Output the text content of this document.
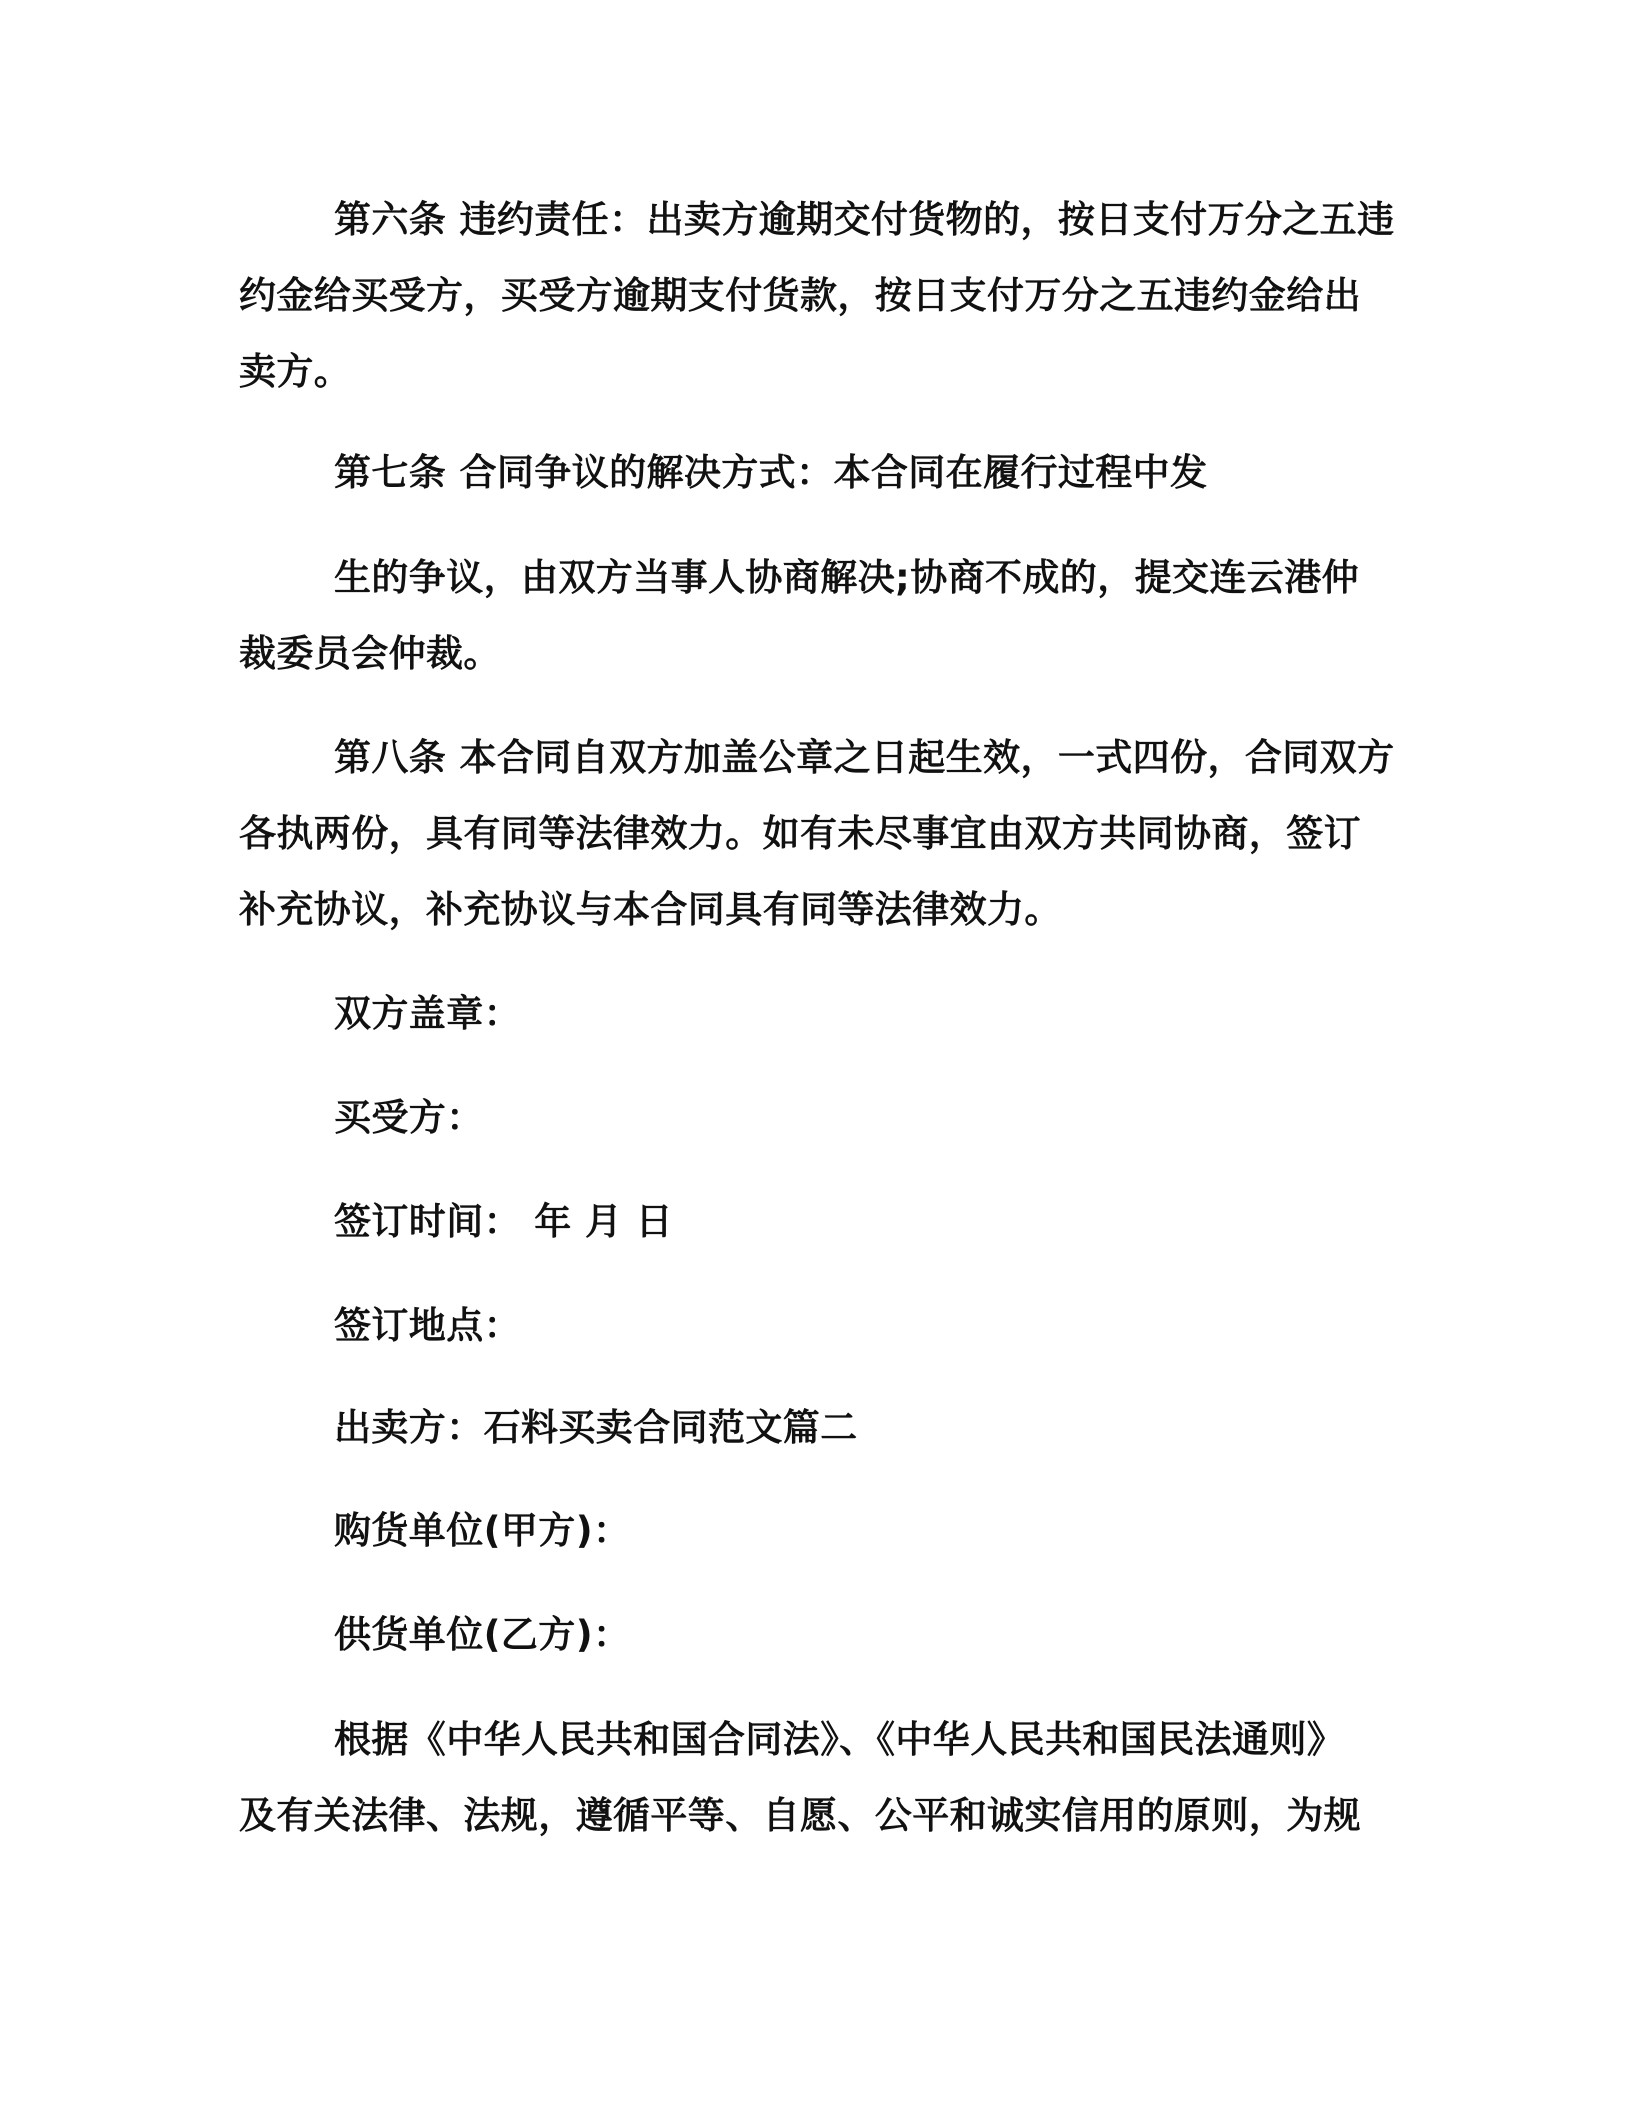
第六条 违约责任：出卖方逾期交付货物的，按日支付万分之五违
约金给买受方，买受方逾期支付货款，按日支付万分之五违约金给出
卖方。
第七条 合同争议的解决方式：本合同在履行过程中发
生的争议，由双方当事人协商解决;协商不成的，提交连云港仲
裁委员会仲裁。
第八条 本合同自双方加盖公章之日起生效，一式四份，合同双方
各执两份，具有同等法律效力。如有未尽事宜由双方共同协商，签订
补充协议，补充协议与本合同具有同等法律效力。
双方盖章：
买受方：
签订时间： 年 月 日
签订地点：
出卖方：石料买卖合同范文篇二
购货单位(甲方)：
供货单位(乙方)：
根据《中华人民共和国合同法》、《中华人民共和国民法通则》
及有关法律、法规，遵循平等、自愿、公平和诚实信用的原则，为规
